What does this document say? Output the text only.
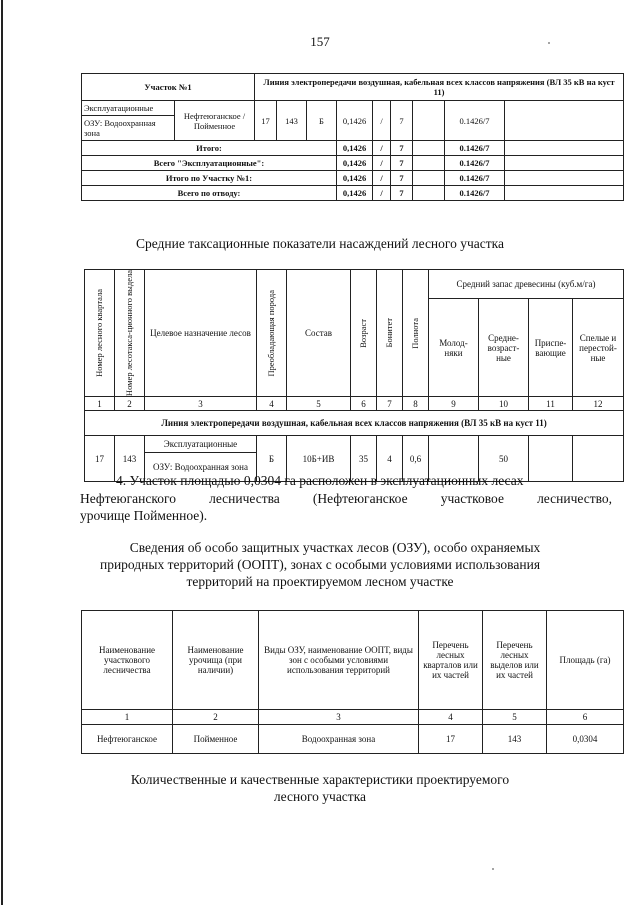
157
Участок №1		Линия электропередачи воздушная, кабельная всех классов напряжения (ВЛ 35 кВ на куст 11)								
Эксплуатационные	Нефтеюганское / Пойменное	17	143	Б	0,1426	/	7		0.1426/7	
ОЗУ: Водоохранная зона										
Итого:					0,1426	/	7		0.1426/7	
Всего "Эксплуатационные":					0,1426	/	7		0.1426/7	
Итого по Участку №1:					0,1426	/	7		0.1426/7	
Всего по отводу:					0,1426	/	7		0.1426/7	
Средние таксационные показатели насаждений лесного участка
Номер лесного квартала	Номер лесотакса-ционного выдела	Целевое назначение лесов	Преобладающая порода	Состав	Возраст	Бонитет	Полнота	Средний запас древесины (куб.м/га)			
								Молод-няки	Средне-возраст-ные	Приспе-вающие	Спелые и перестой-ные
1	2	3	4	5	6	7	8	9	10	11	12
Линия электропередачи воздушная, кабельная всех классов напряжения (ВЛ 35 кВ на куст 11)											
17	143	Эксплуатационные	Б	10Б+ИВ	35	4	0,6		50		
		ОЗУ: Водоохранная зона									
4. Участок площадью 0,0304 га расположен в эксплуатационных лесах
Нефтеюганского лесничества (Нефтеюганское участковое лесничество,
урочище Пойменное).
Сведения об особо защитных участках лесов (ОЗУ), особо охраняемых
природных территорий (ООПТ), зонах с особыми условиями использования
территорий на проектируемом лесном участке
Наименование участкового лесничества	Наименование урочища (при наличии)	Виды ОЗУ, наименование ООПТ, виды зон с особыми условиями использования территорий	Перечень лесных кварталов или их частей	Перечень лесных выделов или их частей	Площадь (га)
1	2	3	4	5	6
Нефтеюганское	Пойменное	Водоохранная зона	17	143	0,0304
Количественные и качественные характеристики проектируемого
лесного участка
